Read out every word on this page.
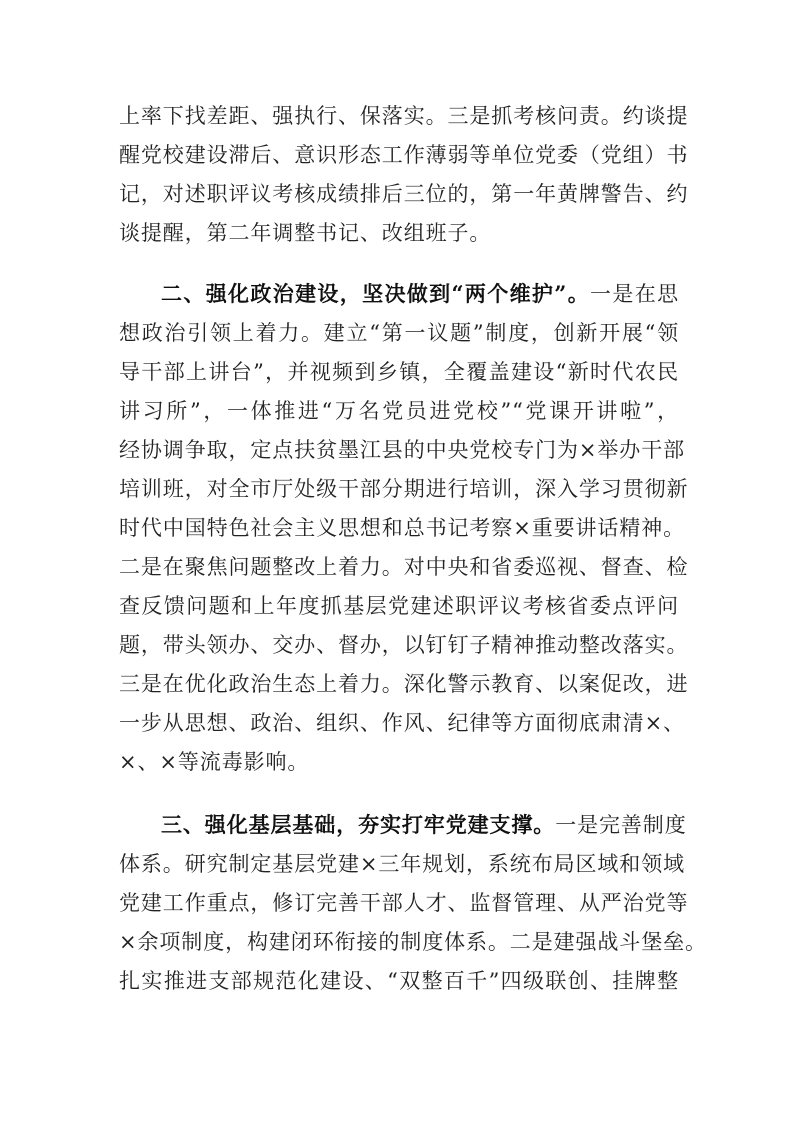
上率下找差距、强执行、保落实。三是抓考核问责。约谈提
醒党校建设滞后、意识形态工作薄弱等单位党委（党组）书
记，对述职评议考核成绩排后三位的，第一年黄牌警告、约
谈提醒，第二年调整书记、改组班子。
二、强化政治建设，坚决做到“两个维护”。一是在思
想政治引领上着力。建立“第一议题”制度，创新开展“领
导干部上讲台”，并视频到乡镇，全覆盖建设“新时代农民
讲习所”，一体推进“万名党员进党校”“党课开讲啦”，
经协调争取，定点扶贫墨江县的中央党校专门为×举办干部
培训班，对全市厅处级干部分期进行培训，深入学习贯彻新
时代中国特色社会主义思想和总书记考察×重要讲话精神。
二是在聚焦问题整改上着力。对中央和省委巡视、督查、检
查反馈问题和上年度抓基层党建述职评议考核省委点评问
题，带头领办、交办、督办，以钉钉子精神推动整改落实。
三是在优化政治生态上着力。深化警示教育、以案促改，进
一步从思想、政治、组织、作风、纪律等方面彻底肃清×、
×、×等流毒影响。
三、强化基层基础，夯实打牢党建支撑。一是完善制度
体系。研究制定基层党建×三年规划，系统布局区域和领域
党建工作重点，修订完善干部人才、监督管理、从严治党等
×余项制度，构建闭环衔接的制度体系。二是建强战斗堡垒。
扎实推进支部规范化建设、“双整百千”四级联创、挂牌整
